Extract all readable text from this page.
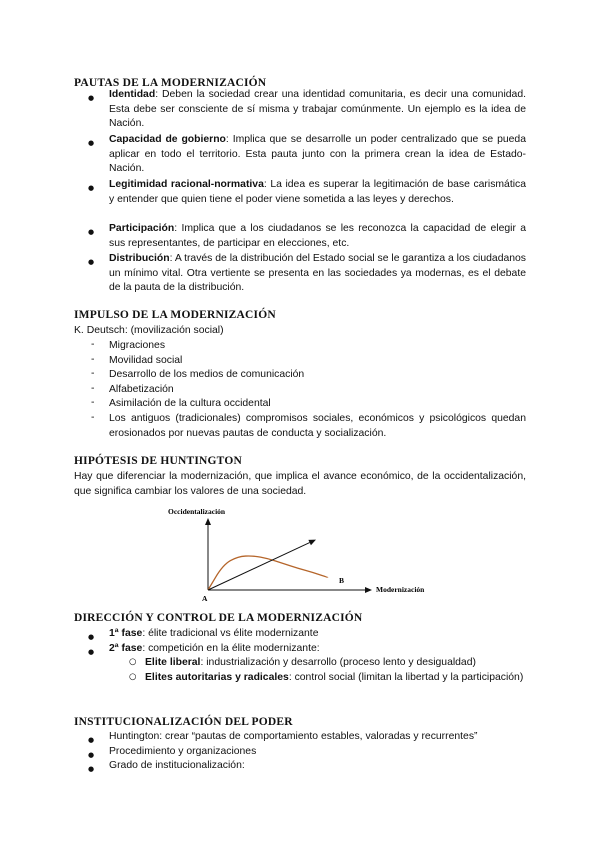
PAUTAS DE LA MODERNIZACIÓN
● Identidad: Deben la sociedad crear una identidad comunitaria, es decir una comunidad. Esta debe ser consciente de sí misma y trabajar comúnmente. Un ejemplo es la idea de Nación.

● Capacidad de gobierno: Implica que se desarrolle un poder centralizado que se pueda aplicar en todo el territorio. Esta pauta junto con la primera crean la idea de Estado-Nación.

● Legitimidad racional-normativa: La idea es superar la legitimación de base carismática y entender que quien tiene el poder viene sometida a las leyes y derechos.

● Participación: Implica que a los ciudadanos se les reconozca la capacidad de elegir a sus representantes, de participar en elecciones, etc.

● Distribución: A través de la distribución del Estado social se le garantiza a los ciudadanos un mínimo vital. Otra vertiente se presenta en las sociedades ya modernas, es el debate de la pauta de la distribución.

IMPULSO DE LA MODERNIZACIÓN
K. Deutsch: (movilización social)
- Migraciones
- Movilidad social
- Desarrollo de los medios de comunicación
- Alfabetización
- Asimilación de la cultura occidental
- Los antiguos (tradicionales) compromisos sociales, económicos y psicológicos quedan erosionados por nuevas pautas de conducta y socialización.

HIPÓTESIS DE HUNTINGTON

Hay que diferenciar la modernización, que implica el avance económico, de la occidentalización, que significa cambiar los valores de una sociedad.

Occidentalización
Modernización
A
B
DIRECCIÓN Y CONTROL DE LA MODERNIZACIÓN
● 1ª fase: élite tradicional vs élite modernizante
● 2ª fase: competición en la élite modernizante:
○ Elite liberal: industrialización y desarrollo (proceso lento y desigualdad)
○ Elites autoritarias y radicales: control social (limitan la libertad y la participación)

INSTITUCIONALIZACIÓN DEL PODER
● Huntington: crear “pautas de comportamiento estables, valoradas y recurrentes”
● Procedimiento y organizaciones
● Grado de institucionalización:
